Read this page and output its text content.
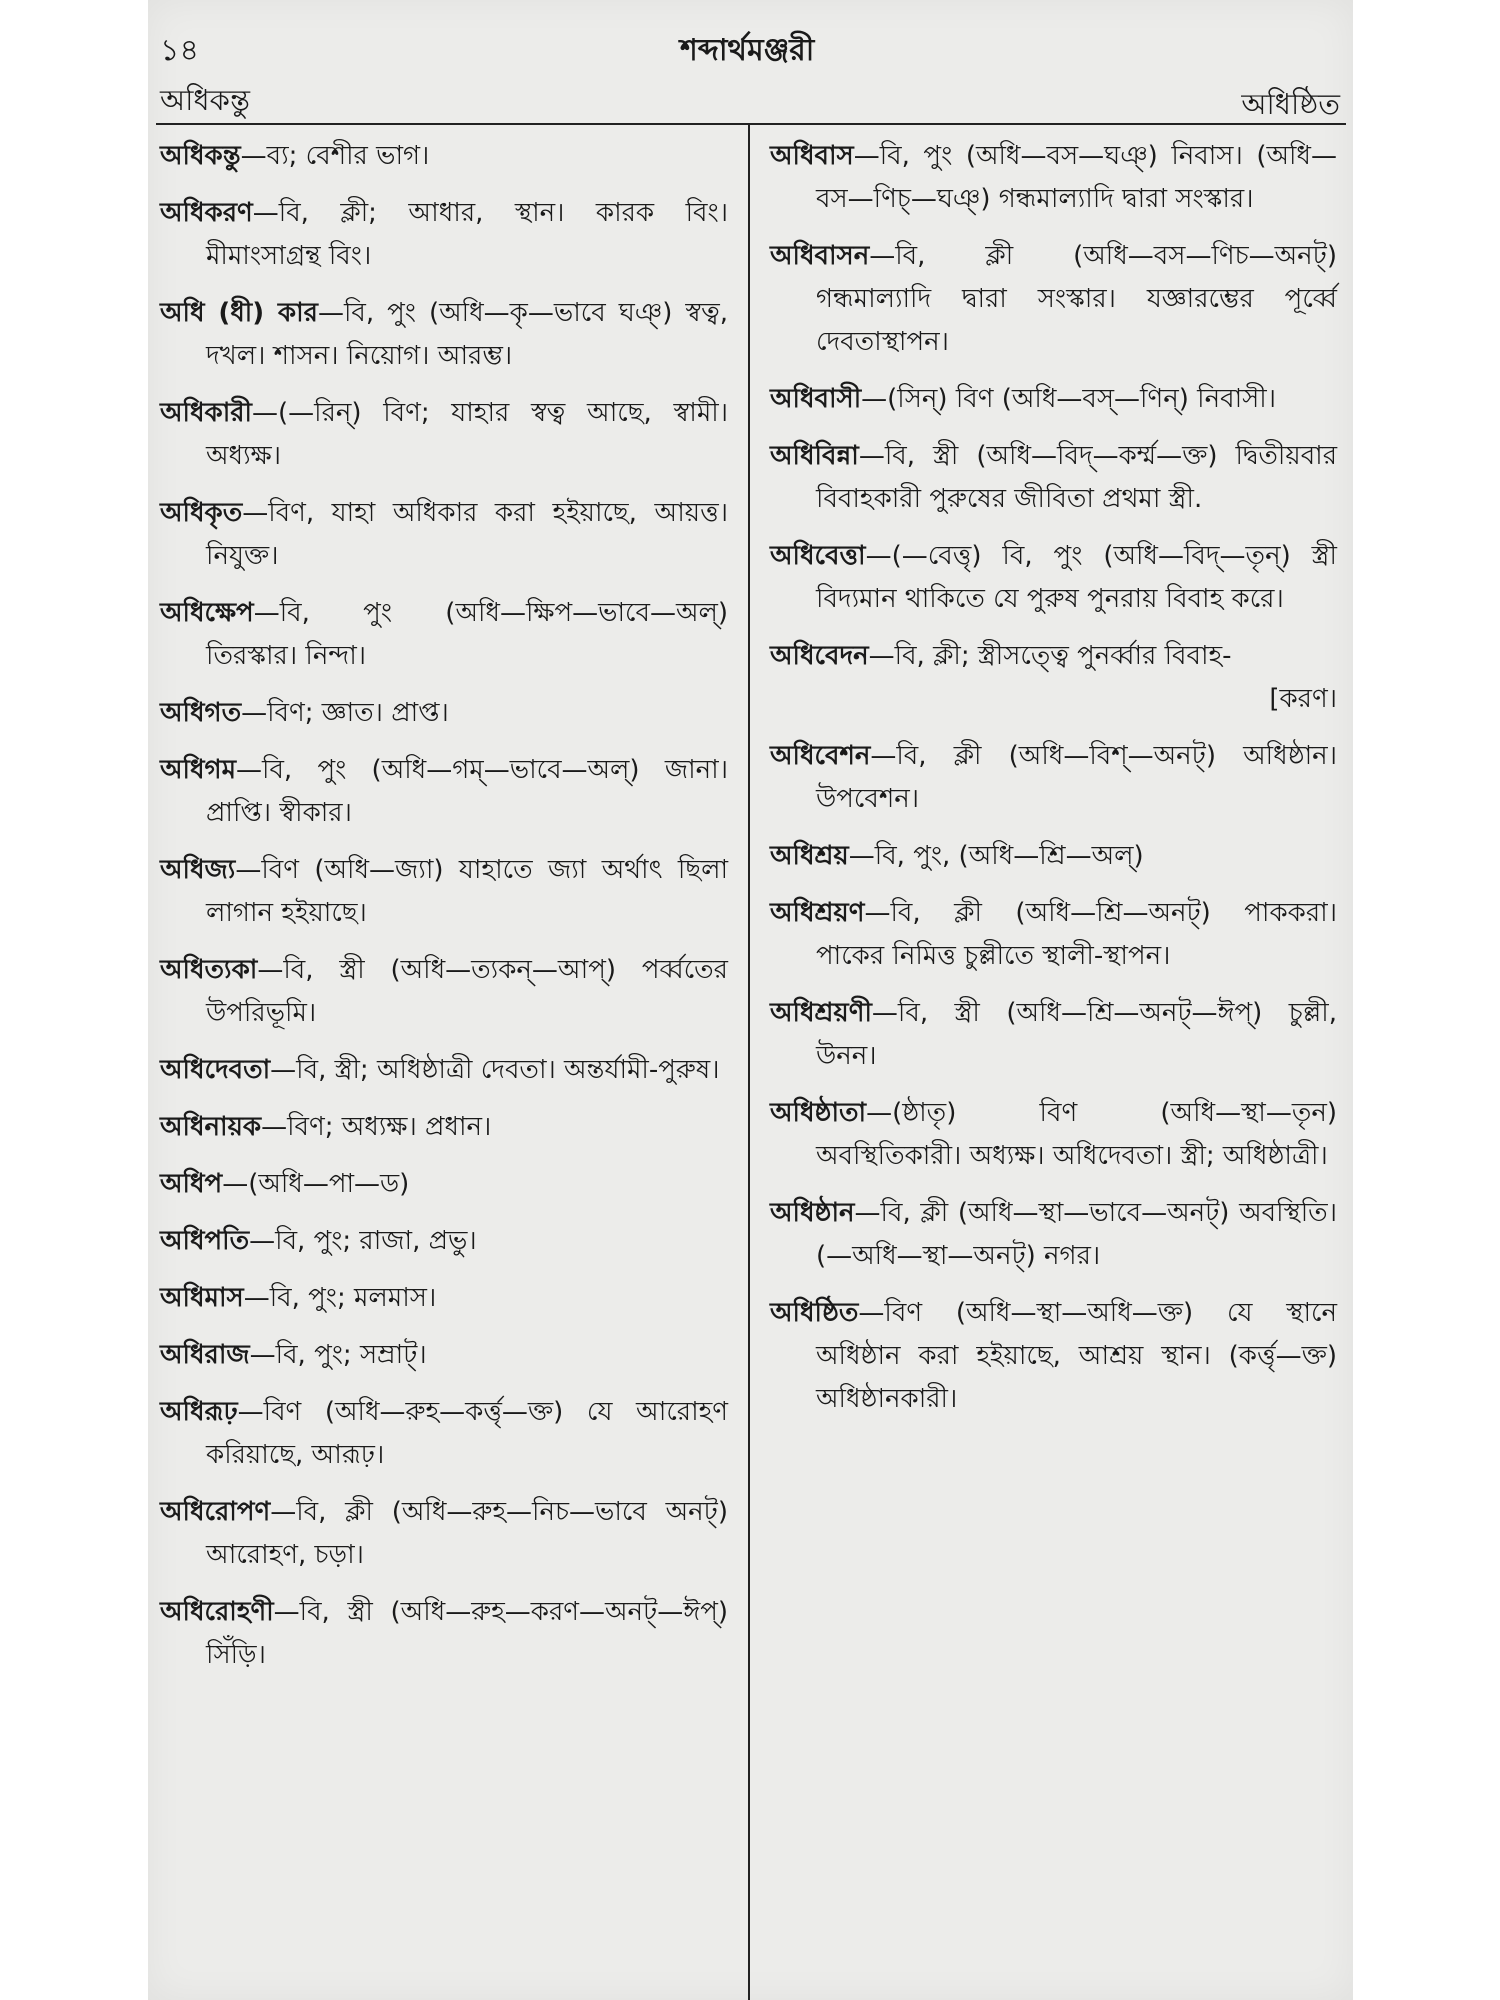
১৪	শব্দার্থমঞ্জরী
অধিকন্তু	অধিষ্ঠিত

অধিকন্তু—ব্য; বেশীর ভাগ।

অধিকরণ—বি, ক্লী; আধার, স্থান। কারক বিং। মীমাংসাগ্রন্থ বিং।

অধি (ধী) কার—বি, পুং (অধি—কৃ—ভাবে ঘঞ্) স্বত্ব, দখল। শাসন। নিয়োগ। আরম্ভ।

অধিকারী—(—রিন্) বিণ; যাহার স্বত্ব আছে, স্বামী। অধ্যক্ষ।

অধিকৃত—বিণ, যাহা অধিকার করা হইয়াছে, আয়ত্ত। নিযুক্ত।

অধিক্ষেপ—বি, পুং (অধি—ক্ষিপ—ভাবে—অল্) তিরস্কার। নিন্দা।

অধিগত—বিণ; জ্ঞাত। প্রাপ্ত।

অধিগম—বি, পুং (অধি—গম্—ভাবে—অল্) জানা। প্রাপ্তি। স্বীকার।

অধিজ্য—বিণ (অধি—জ্যা) যাহাতে জ্যা অর্থাৎ ছিলা লাগান হইয়াছে।

অধিত্যকা—বি, স্ত্রী (অধি—ত্যকন্—আপ্) পর্ব্বতের উপরিভূমি।

অধিদেবতা—বি, স্ত্রী; অধিষ্ঠাত্রী দেবতা। অন্তর্যামী-পুরুষ।

অধিনায়ক—বিণ; অধ্যক্ষ। প্রধান।

অধিপ—(অধি—পা—ড)

অধিপতি—বি, পুং; রাজা, প্রভু।

অধিমাস—বি, পুং; মলমাস।

অধিরাজ—বি, পুং; সম্রাট্।

অধিরূঢ়—বিণ (অধি—রুহ—কর্ত্তৃ—ক্ত) যে আরোহণ করিয়াছে, আরূঢ়।

অধিরোপণ—বি, ক্লী (অধি—রুহ—নিচ—ভাবে অনট্) আরোহণ, চড়া।

অধিরোহণী—বি, স্ত্রী (অধি—রুহ—করণ—অনট্—ঈপ্) সিঁড়ি।

অধিবাস—বি, পুং (অধি—বস—ঘঞ্) নিবাস। (অধি—বস—ণিচ্—ঘঞ্) গন্ধমাল্যাদি দ্বারা সংস্কার।

অধিবাসন—বি, ক্লী (অধি—বস—ণিচ—অনট্) গন্ধমাল্যাদি দ্বারা সংস্কার। যজ্ঞারম্ভের পূর্ব্বে দেবতাস্থাপন।

অধিবাসী—(সিন্) বিণ (অধি—বস্—ণিন্) নিবাসী।

অধিবিন্না—বি, স্ত্রী (অধি—বিদ্—কর্ম্ম—ক্ত) দ্বিতীয়বার বিবাহকারী পুরুষের জীবিতা প্রথমা স্ত্রী.

অধিবেত্তা—(—বেত্তৃ) বি, পুং (অধি—বিদ্—তৃন্) স্ত্রী বিদ্যমান থাকিতে যে পুরুষ পুনরায় বিবাহ করে।

অধিবেদন—বি, ক্লী; স্ত্রীসত্ত্বে পুনর্ব্বার বিবাহ-

[করণ।

অধিবেশন—বি, ক্লী (অধি—বিশ্—অনট্) অধিষ্ঠান। উপবেশন।

অধিশ্রয়—বি, পুং, (অধি—শ্রি—অল্)

অধিশ্রয়ণ—বি, ক্লী (অধি—শ্রি—অনট্) পাককরা। পাকের নিমিত্ত চুল্লীতে স্থালী-স্থাপন।

অধিশ্রয়ণী—বি, স্ত্রী (অধি—শ্রি—অনট্—ঈপ্) চুল্লী, উনন।

অধিষ্ঠাতা—(ষ্ঠাতৃ) বিণ (অধি—স্থা—তৃন) অবস্থিতিকারী। অধ্যক্ষ। অধিদেবতা। স্ত্রী; অধিষ্ঠাত্রী।

অধিষ্ঠান—বি, ক্লী (অধি—স্থা—ভাবে—অনট্) অবস্থিতি। (—অধি—স্থা—অনট্) নগর।

অধিষ্ঠিত—বিণ (অধি—স্থা—অধি—ক্ত) যে স্থানে অধিষ্ঠান করা হইয়াছে, আশ্রয় স্থান। (কর্ত্তৃ—ক্ত) অধিষ্ঠানকারী।
